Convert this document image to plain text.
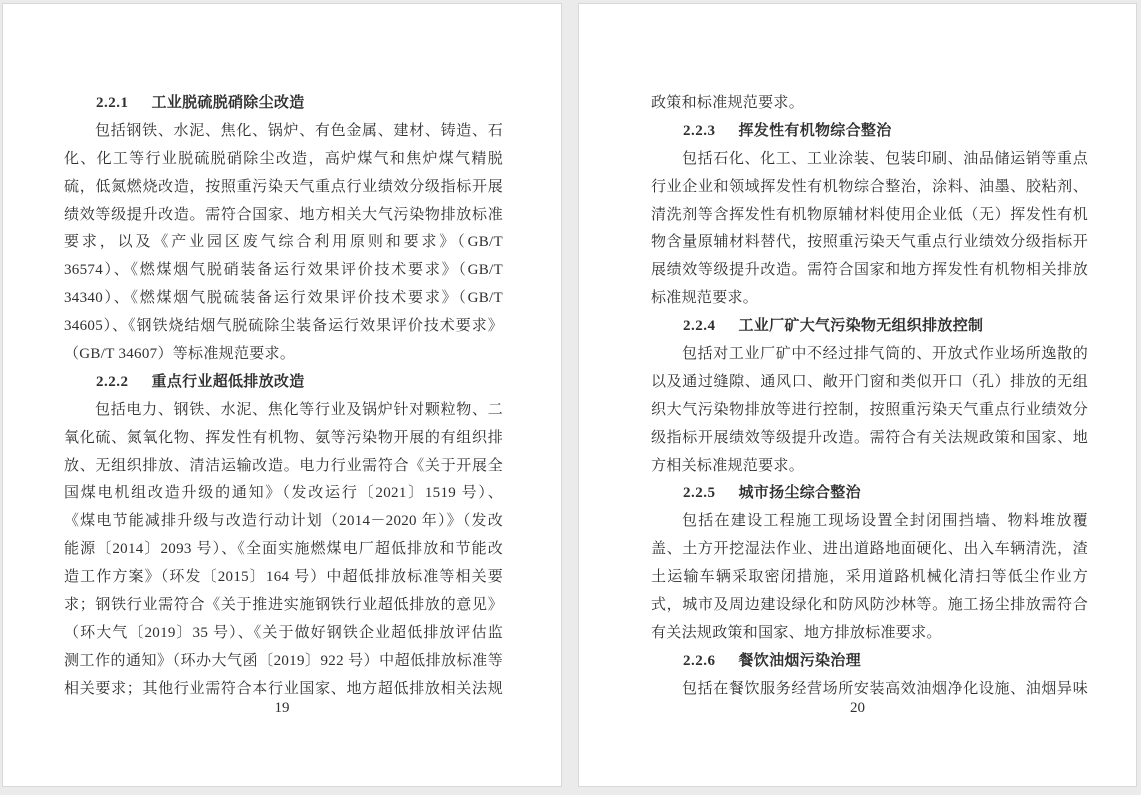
2.2.1 工业脱硫脱硝除尘改造
包括钢铁、水泥、焦化、锅炉、有色金属、建材、铸造、石
化、化工等行业脱硫脱硝除尘改造，高炉煤气和焦炉煤气精脱
硫，低氮燃烧改造，按照重污染天气重点行业绩效分级指标开展
绩效等级提升改造。需符合国家、地方相关大气污染物排放标准
要求，以及《产业园区废气综合利用原则和要求》（GB/T
36574）、《燃煤烟气脱硝装备运行效果评价技术要求》（GB/T
34340）、《燃煤烟气脱硫装备运行效果评价技术要求》（GB/T
34605）、《钢铁烧结烟气脱硫除尘装备运行效果评价技术要求》
（GB/T 34607）等标准规范要求。
2.2.2 重点行业超低排放改造
包括电力、钢铁、水泥、焦化等行业及锅炉针对颗粒物、二
氧化硫、氮氧化物、挥发性有机物、氨等污染物开展的有组织排
放、无组织排放、清洁运输改造。电力行业需符合《关于开展全
国煤电机组改造升级的通知》（发改运行〔2021〕1519 号）、
《煤电节能减排升级与改造行动计划（2014－2020 年）》（发改
能源〔2014〕2093 号）、《全面实施燃煤电厂超低排放和节能改
造工作方案》（环发〔2015〕164 号）中超低排放标准等相关要
求；钢铁行业需符合《关于推进实施钢铁行业超低排放的意见》
（环大气〔2019〕35 号）、《关于做好钢铁企业超低排放评估监
测工作的通知》（环办大气函〔2019〕922 号）中超低排放标准等
相关要求；其他行业需符合本行业国家、地方超低排放相关法规
19
政策和标准规范要求。
2.2.3 挥发性有机物综合整治
包括石化、化工、工业涂装、包装印刷、油品储运销等重点
行业企业和领域挥发性有机物综合整治，涂料、油墨、胶粘剂、
清洗剂等含挥发性有机物原辅材料使用企业低（无）挥发性有机
物含量原辅材料替代，按照重污染天气重点行业绩效分级指标开
展绩效等级提升改造。需符合国家和地方挥发性有机物相关排放
标准规范要求。
2.2.4 工业厂矿大气污染物无组织排放控制
包括对工业厂矿中不经过排气筒的、开放式作业场所逸散的
以及通过缝隙、通风口、敞开门窗和类似开口（孔）排放的无组
织大气污染物排放等进行控制，按照重污染天气重点行业绩效分
级指标开展绩效等级提升改造。需符合有关法规政策和国家、地
方相关标准规范要求。
2.2.5 城市扬尘综合整治
包括在建设工程施工现场设置全封闭围挡墙、物料堆放覆
盖、土方开挖湿法作业、进出道路地面硬化、出入车辆清洗，渣
土运输车辆采取密闭措施，采用道路机械化清扫等低尘作业方
式，城市及周边建设绿化和防风防沙林等。施工扬尘排放需符合
有关法规政策和国家、地方排放标准要求。
2.2.6 餐饮油烟污染治理
包括在餐饮服务经营场所安装高效油烟净化设施、油烟异味
20
